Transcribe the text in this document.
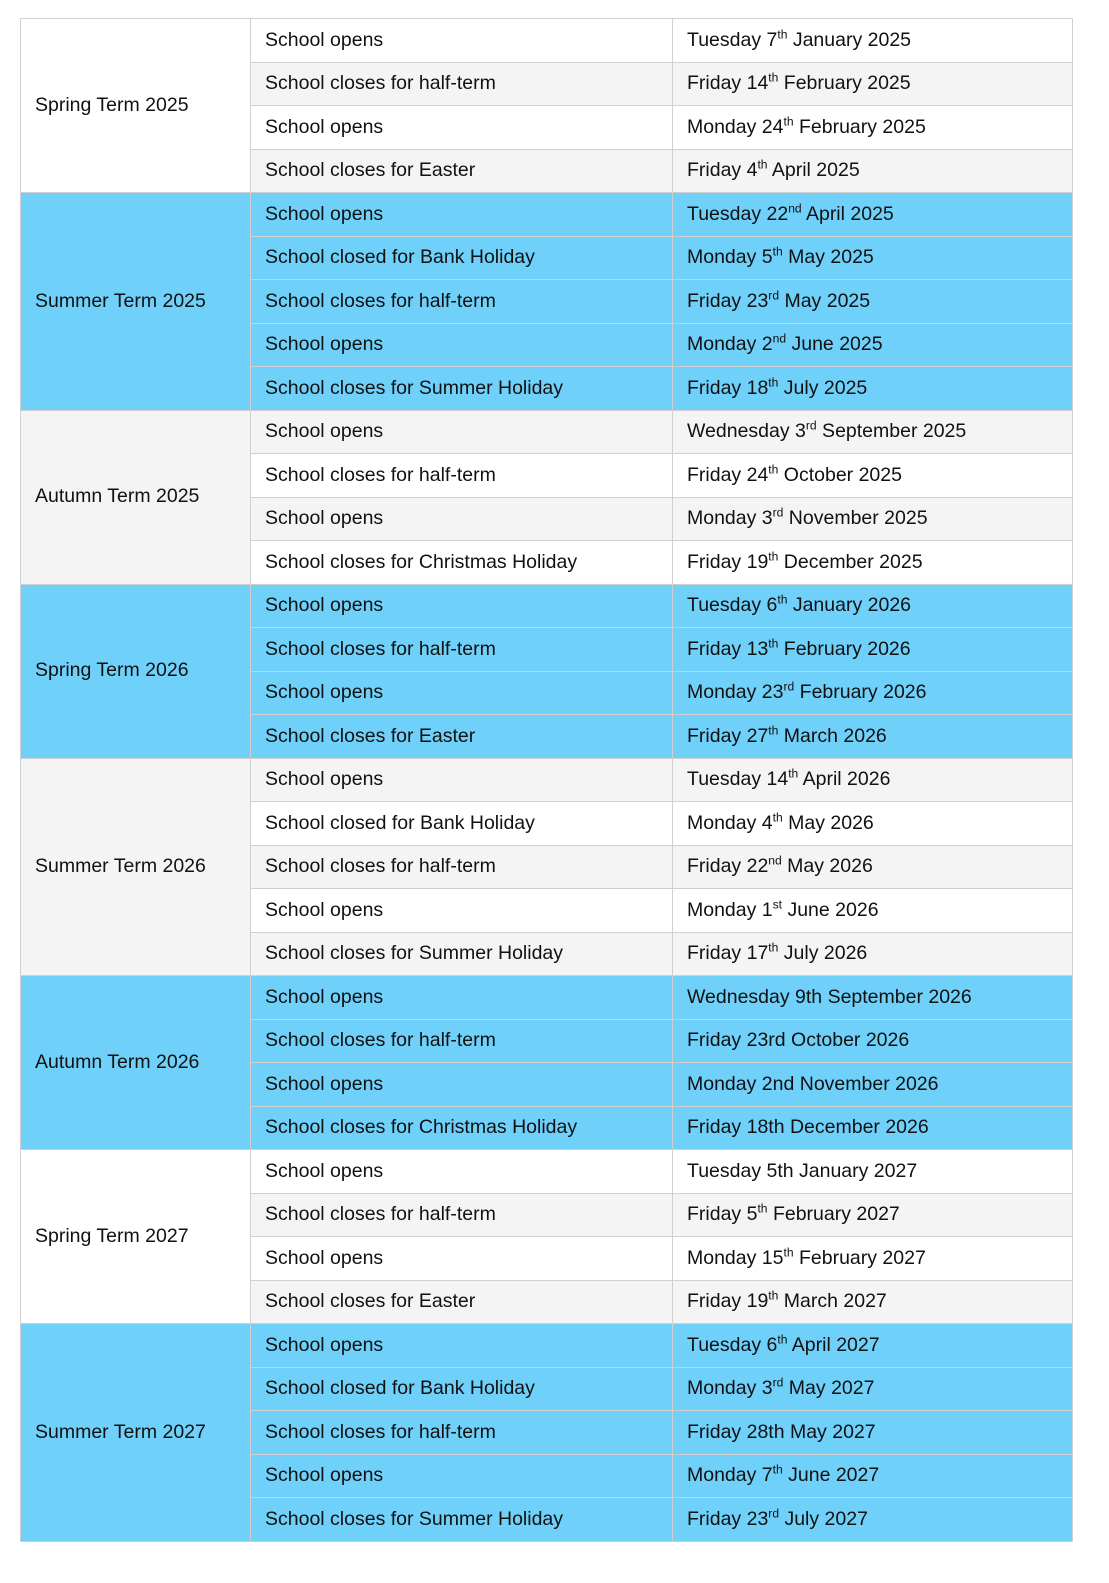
Spring Term 2025	School opens	Tuesday 7th January 2025
	School closes for half-term	Friday 14th February 2025
	School opens	Monday 24th February 2025
	School closes for Easter	Friday 4th April 2025
Summer Term 2025	School opens	Tuesday 22nd April 2025
	School closed for Bank Holiday	Monday 5th May 2025
	School closes for half-term	Friday 23rd May 2025
	School opens	Monday 2nd June 2025
	School closes for Summer Holiday	Friday 18th July 2025
Autumn Term 2025	School opens	Wednesday 3rd September 2025
	School closes for half-term	Friday 24th October 2025
	School opens	Monday 3rd November 2025
	School closes for Christmas Holiday	Friday 19th December 2025
Spring Term 2026	School opens	Tuesday 6th January 2026
	School closes for half-term	Friday 13th February 2026
	School opens	Monday 23rd February 2026
	School closes for Easter	Friday 27th March 2026
Summer Term 2026	School opens	Tuesday 14th April 2026
	School closed for Bank Holiday	Monday 4th May 2026
	School closes for half-term	Friday 22nd May 2026
	School opens	Monday 1st June 2026
	School closes for Summer Holiday	Friday 17th July 2026
Autumn Term 2026	School opens	Wednesday 9th September 2026
	School closes for half-term	Friday 23rd October 2026
	School opens	Monday 2nd November 2026
	School closes for Christmas Holiday	Friday 18th December 2026
Spring Term 2027	School opens	Tuesday 5th January 2027
	School closes for half-term	Friday 5th February 2027
	School opens	Monday 15th February 2027
	School closes for Easter	Friday 19th March 2027
Summer Term 2027	School opens	Tuesday 6th April 2027
	School closed for Bank Holiday	Monday 3rd May 2027
	School closes for half-term	Friday 28th May 2027
	School opens	Monday 7th June 2027
	School closes for Summer Holiday	Friday 23rd July 2027
